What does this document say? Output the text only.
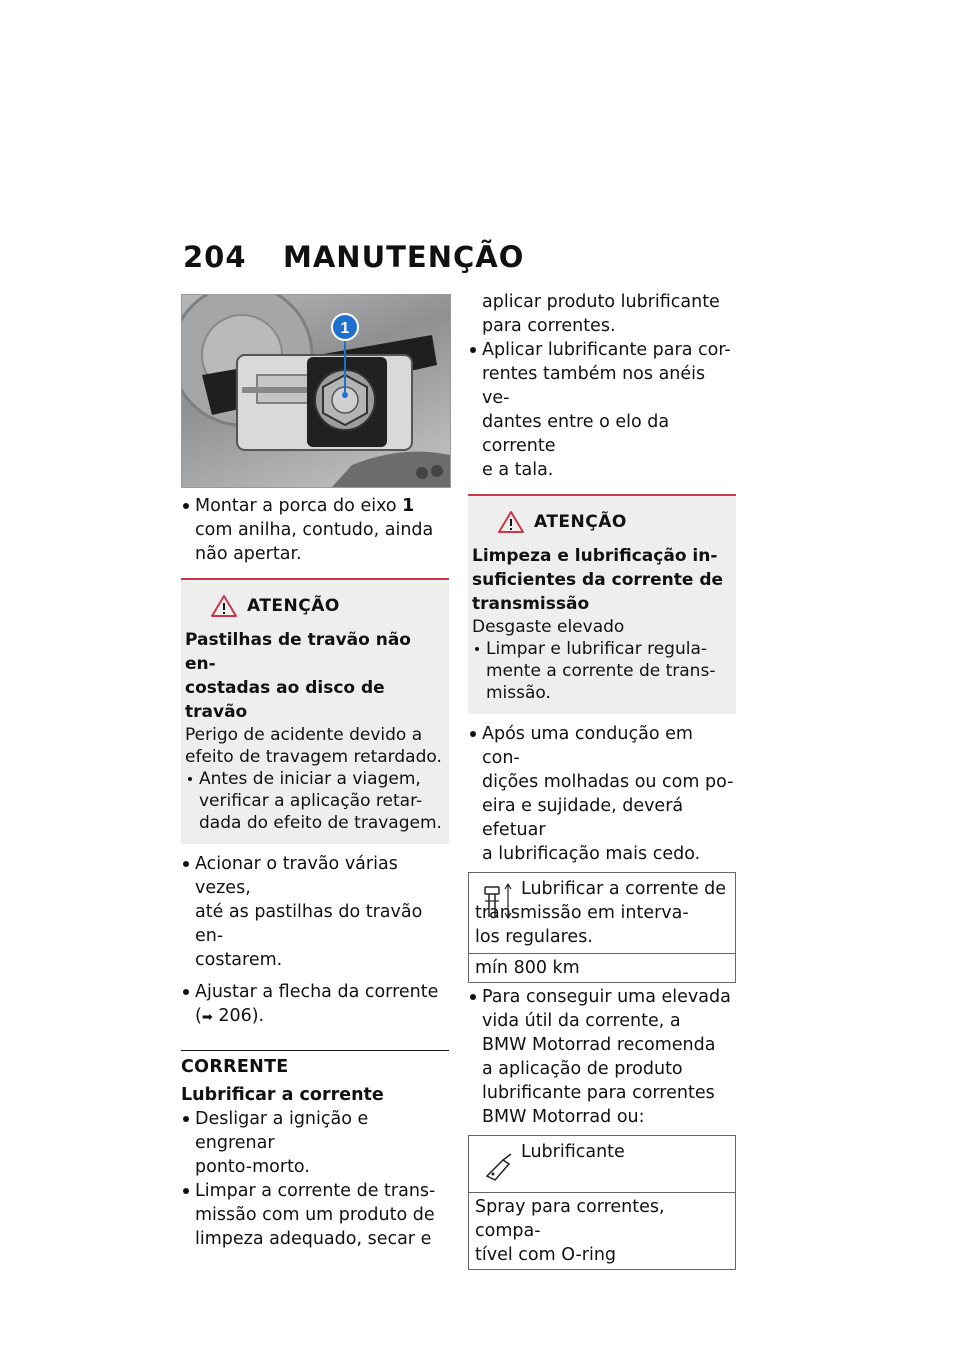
204	MANUTENÇÃO
1
Montar a porca do eixo 1
com anilha, contudo, ainda
não apertar.
ATENÇÃO

Pastilhas de travão não en-
costadas ao disco de travão

Perigo de acidente devido a
efeito de travagem retardado.

Antes de iniciar a viagem,
verificar a aplicação retar-
dada do efeito de travagem.

Acionar o travão várias vezes,
até as pastilhas do travão en-
costarem.
Ajustar a flecha da corrente
(➡ 206).

CORRENTE

Lubrificar a corrente

Desligar a ignição e engrenar
ponto-morto.
Limpar a corrente de trans-
missão com um produto de
limpeza adequado, secar e

aplicar produto lubrificante
para correntes.

Aplicar lubrificante para cor-
rentes também nos anéis ve-
dantes entre o elo da corrente
e a tala.
ATENÇÃO

Limpeza e lubrificação in-
suficientes da corrente de
transmissão

Desgaste elevado

Limpar e lubrificar regula-
mente a corrente de trans-
missão.

Após uma condução em con-
dições molhadas ou com po-
eira e sujidade, deverá efetuar
a lubrificação mais cedo.

Lubrificar a corrente de
transmissão em interva-

los regulares.

mín 800 km
Para conseguir uma elevada
vida útil da corrente, a
BMW Motorrad recomenda
a aplicação de produto
lubrificante para correntes
BMW Motorrad ou:

Lubrificante

Spray para correntes, compa-
tível com O-ring
